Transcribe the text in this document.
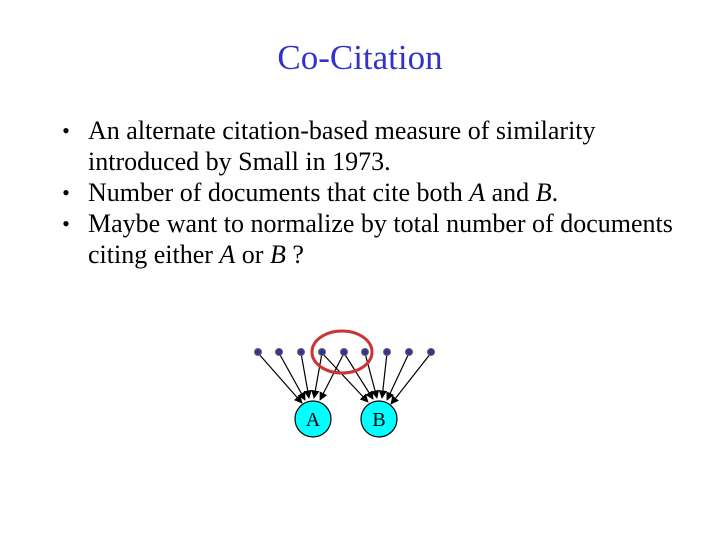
Co-Citation
• An alternate citation-based measure of similarity introduced by Small in 1973.
• Number of documents that cite both A and B.
• Maybe want to normalize by total number of documents citing either A or B ?
A	B
